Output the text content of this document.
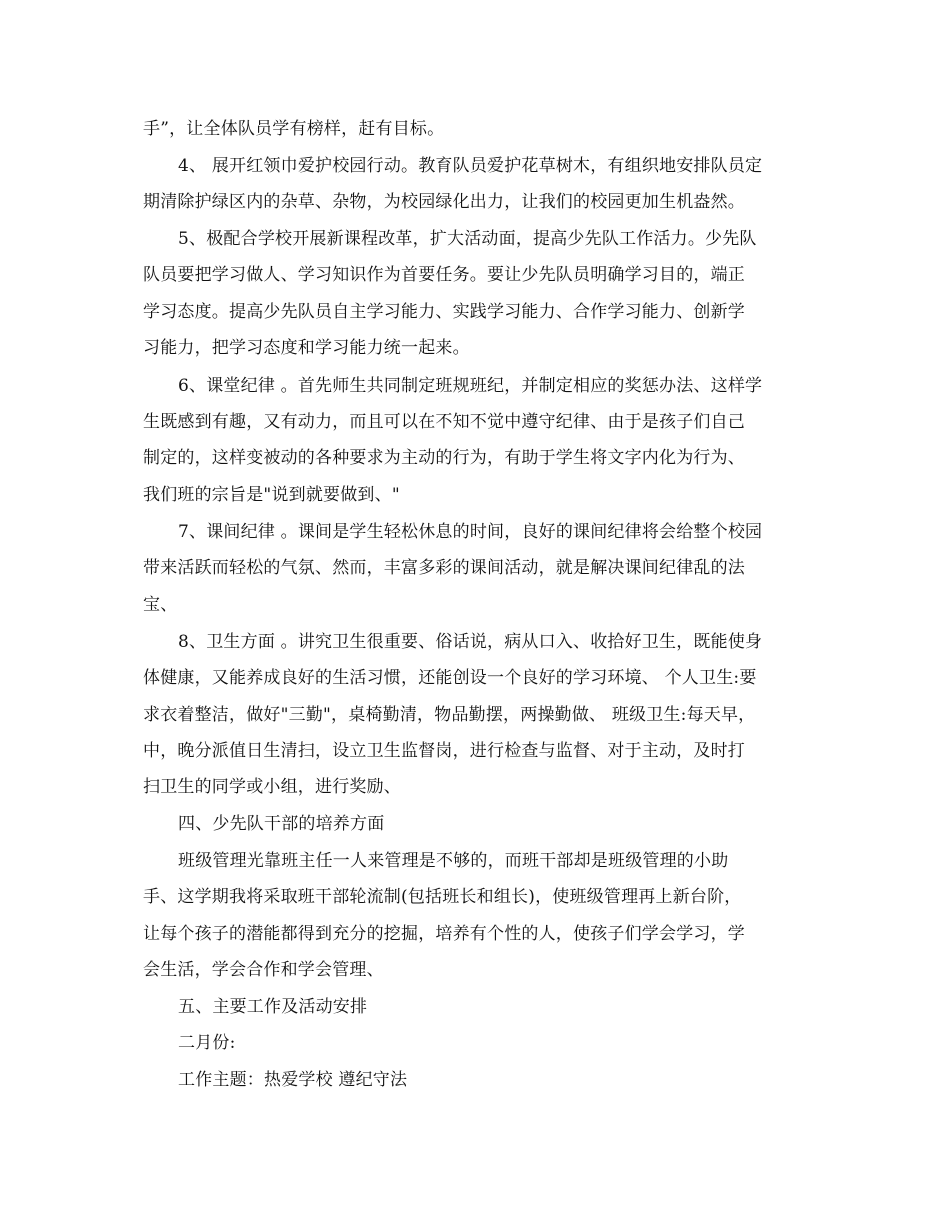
手”，让全体队员学有榜样，赶有目标。
4、 展开红领巾爱护校园行动。教育队员爱护花草树木，有组织地安排队员定
期清除护绿区内的杂草、杂物，为校园绿化出力，让我们的校园更加生机盎然。
5、极配合学校开展新课程改革，扩大活动面，提高少先队工作活力。少先队
队员要把学习做人、学习知识作为首要任务。要让少先队员明确学习目的，端正
学习态度。提高少先队员自主学习能力、实践学习能力、合作学习能力、创新学
习能力，把学习态度和学习能力统一起来。
6、课堂纪律 。首先师生共同制定班规班纪，并制定相应的奖惩办法、这样学
生既感到有趣，又有动力，而且可以在不知不觉中遵守纪律、由于是孩子们自己
制定的，这样变被动的各种要求为主动的行为，有助于学生将文字内化为行为、
我们班的宗旨是"说到就要做到、"
7、课间纪律 。课间是学生轻松休息的时间，良好的课间纪律将会给整个校园
带来活跃而轻松的气氛、然而，丰富多彩的课间活动，就是解决课间纪律乱的法
宝、
8、卫生方面 。讲究卫生很重要、俗话说，病从口入、收拾好卫生，既能使身
体健康，又能养成良好的生活习惯，还能创设一个良好的学习环境、 个人卫生:要
求衣着整洁，做好"三勤"，桌椅勤清，物品勤摆，两操勤做、 班级卫生:每天早，
中，晚分派值日生清扫，设立卫生监督岗，进行检查与监督、对于主动，及时打
扫卫生的同学或小组，进行奖励、
四、少先队干部的培养方面
班级管理光靠班主任一人来管理是不够的，而班干部却是班级管理的小助
手、这学期我将采取班干部轮流制(包括班长和组长)，使班级管理再上新台阶，
让每个孩子的潜能都得到充分的挖掘，培养有个性的人，使孩子们学会学习，学
会生活，学会合作和学会管理、
五、主要工作及活动安排
二月份:
工作主题：热爱学校 遵纪守法
